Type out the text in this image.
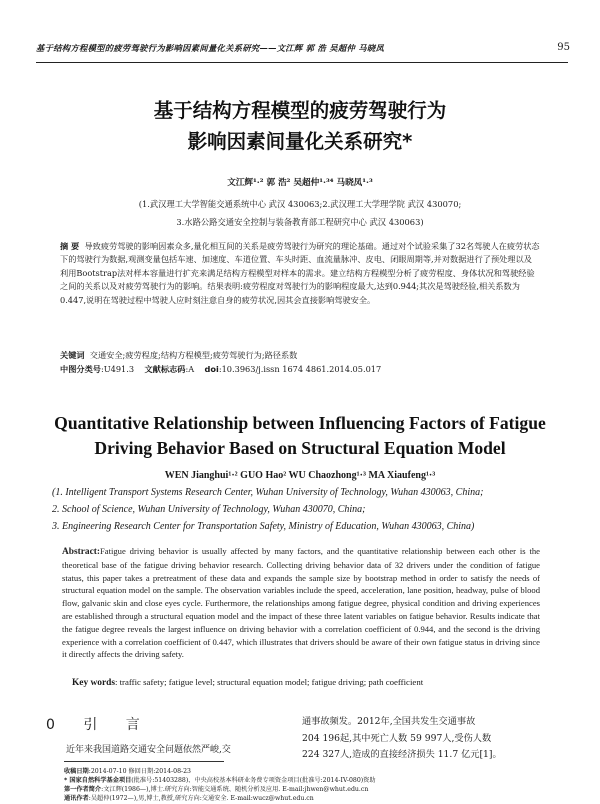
基于结构方程模型的疲劳驾驶行为影响因素间量化关系研究——文江辉 郭 浩 吴超仲 马晓凤	95
基于结构方程模型的疲劳驾驶行为
影响因素间量化关系研究*
文江辉¹·² 郭 浩² 吴超仲¹·³⁴ 马晓凤¹·³
(1.武汉理工大学智能交通系统中心 武汉 430063;2.武汉理工大学理学院 武汉 430070;
3.水路公路交通安全控制与装备教育部工程研究中心 武汉 430063)
摘 要 导致疲劳驾驶的影响因素众多,量化相互间的关系是疲劳驾驶行为研究的理论基础。通过对个试验采集了32名驾驶人在疲劳状态下的驾驶行为数据,观测变量包括车速、加速度、车道位置、车头时距、血流量脉冲、皮电、闭眼周期等,并对数据进行了预处理以及利用Bootstrap法对样本容量进行扩充来满足结构方程模型对样本的需求。建立结构方程模型分析了疲劳程度、身体状况和驾驶经验之间的关系以及对疲劳驾驶行为的影响。结果表明:疲劳程度对驾驶行为的影响程度最大,达到0.944;其次是驾驶经验,相关系数为0.447,说明在驾驶过程中驾驶人应时刻注意自身的疲劳状况,因其会直接影响驾驶安全。
关键词 交通安全;疲劳程度;结构方程模型;疲劳驾驶行为;路径系数
中图分类号:U491.3 文献标志码:A doi:10.3963/j.issn 1674 4861.2014.05.017
Quantitative Relationship between Influencing Factors of Fatigue
Driving Behavior Based on Structural Equation Model
WEN Jianghui¹·² GUO Hao² WU Chaozhong¹·³ MA Xiaufeng¹·³
(1. Intelligent Transport Systems Research Center, Wuhan University of Technology, Wuhan 430063, China;
2. School of Science, Wuhan University of Technology, Wuhan 430070, China;
3. Engineering Research Center for Transportation Safety, Ministry of Education, Wuhan 430063, China)
Abstract:Fatigue driving behavior is usually affected by many factors, and the quantitative relationship between each other is the theoretical base of the fatigue driving behavior research. Collecting driving behavior data of 32 drivers under the condition of fatigue status, this paper takes a pretreatment of these data and expands the sample size by bootstrap method in order to satisfy the needs of structural equation model on the sample. The observation variables include the speed, acceleration, lane position, headway, pulse of blood flow, galvanic skin and close eyes cycle. Furthermore, the relationships among fatigue degree, physical condition and driving experiences are established through a structural equation model and the impact of these three latent variables on fatigue behavior. Results indicate that the fatigue degree reveals the largest influence on driving behavior with a correlation coefficient of 0.944, and the second is the driving experience with a correlation coefficient of 0.447, which illustrates that drivers should be aware of their own fatigue status in driving since it directly affects the driving safety.
Key words: traffic safety; fatigue level; structural equation model; fatigue driving; path coefficient
0 引 言
近年来我国道路交通安全问题依然严峻,交
通事故频发。2012年,全国共发生交通事故
204 196起,其中死亡人数 59 997人,受伤人数
224 327人,造成的直接经济损失 11.7 亿元[1]。
收稿日期:2014-07-10 修回日期:2014-08-23
* 国家自然科学基金项目(批准号:51403288)、中央高校基本科研业务费专项资金项目(批准号:2014-IV-080)资助
第一作者简介:文江辉(1986—),博士.研究方向:智能交通系统、随机分析及应用. E-mail:jhwen@whut.edu.cn
通讯作者:吴超仲(1972—),男,博士,教授,研究方向:交通安全. E-mail:wucz@whut.edu.cn
